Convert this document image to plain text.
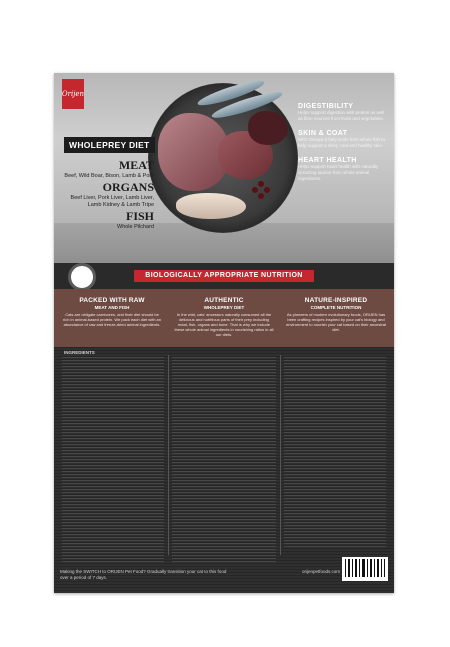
Orijen
WHOLEPREY DIET
MEAT
Beef, Wild Boar, Bison, Lamb & Pork
ORGANS
Beef Liver, Pork Liver, Lamb Liver, Lamb Kidney & Lamb Tripe
FISH
Whole Pilchard
DIGESTIBILITY
Helps support digestion with protein as well as fibre sources from fruits and vegetables.
SKIN & COAT
With Omega-3 fatty acids from whole fish to help support a shiny coat and healthy skin.
HEART HEALTH
Helps support heart health with naturally occurring taurine from whole animal ingredients.
BIOLOGICALLY APPROPRIATE NUTRITION
PACKED WITH RAW
MEAT AND FISH
Cats are obligate carnivores, and their diet should be rich in animal-based protein. We pack each diet with an abundance of raw and freeze-dried animal ingredients.
AUTHENTIC
WHOLEPREY DIET
In the wild, cats' ancestors naturally consumed all the delicious and nutritious parts of their prey including meat, fish, organs and bone. That is why we include these whole animal ingredients in nourishing ratios in all our diets.
NATURE-INSPIRED
COMPLETE NUTRITION
As pioneers of modern evolutionary foods, ORIJEN has been crafting recipes inspired by your cat's biology and environment to nourish your cat based on their ancestral diet.
INGREDIENTS
Making the SWITCH to ORIJEN Pet Food? Gradually transition your cat to this food over a period of 7 days.
orijenpetfoods.com
